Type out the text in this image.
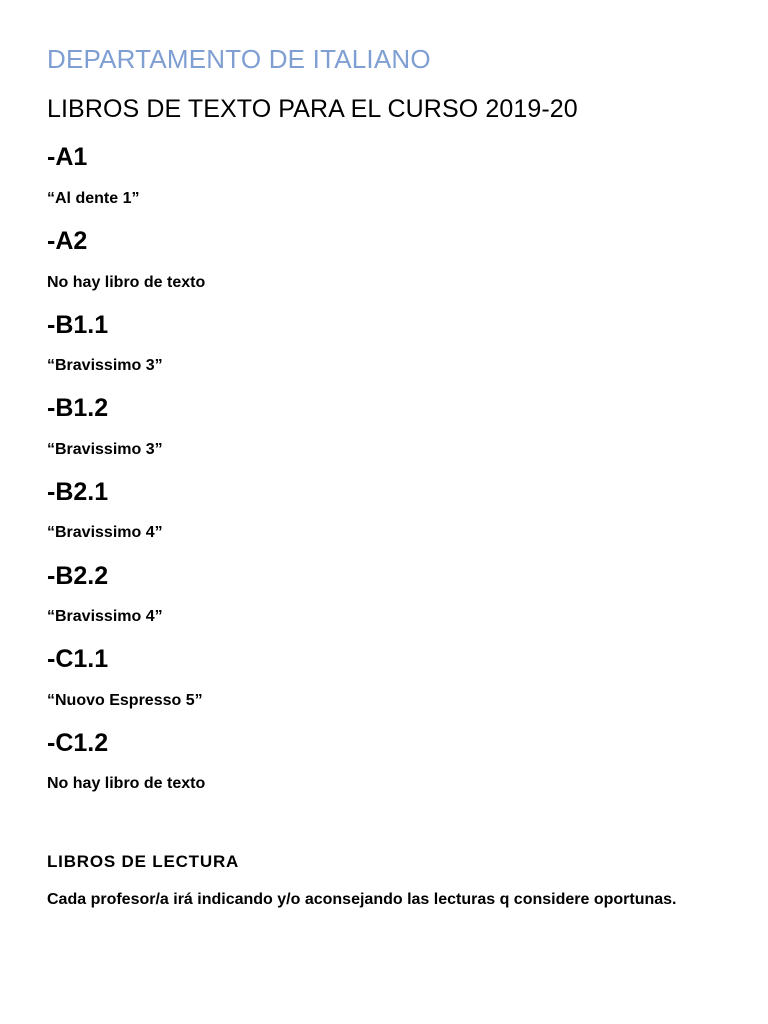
DEPARTAMENTO DE ITALIANO
LIBROS DE TEXTO PARA EL CURSO 2019-20
-A1
“Al dente 1”
-A2
No hay libro de texto
-B1.1
“Bravissimo 3”
-B1.2
“Bravissimo 3”
-B2.1
“Bravissimo 4”
-B2.2
“Bravissimo 4”
-C1.1
“Nuovo Espresso 5”
-C1.2
No hay libro de texto
LIBROS DE LECTURA
Cada profesor/a irá indicando y/o aconsejando las lecturas q considere oportunas.
